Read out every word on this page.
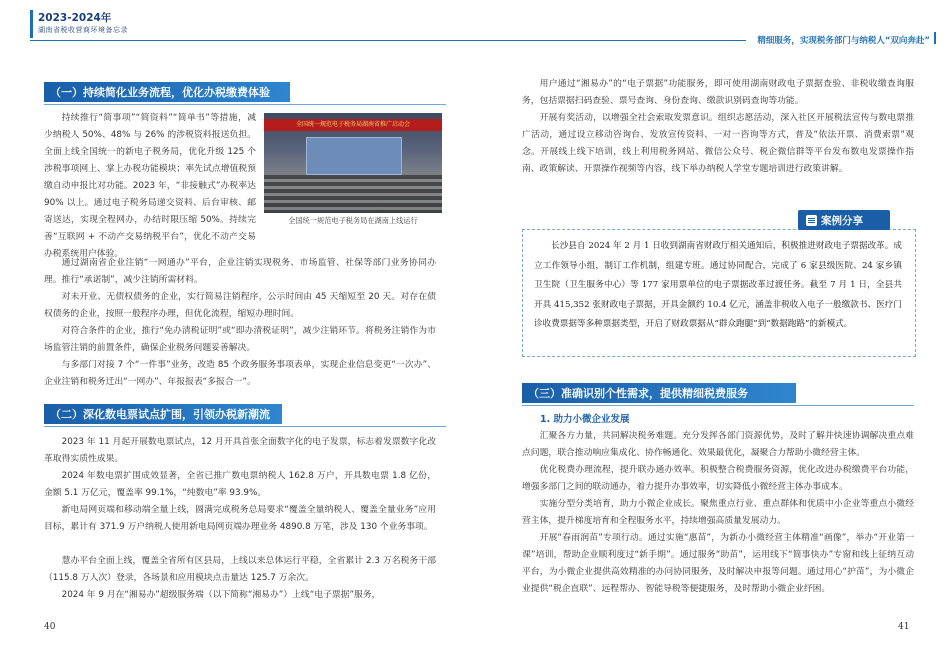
2023-2024年
湖南省税收营商环境备忘录
（一）持续简化业务流程，优化办税缴费体验

持续推行“简事项”“简资料”“简单书”等措施，减少纳税人 50%、48% 与 26% 的涉税资料报送负担。全面上线全国统一的新电子税务局，优化升级 125 个涉税事项网上、掌上办税功能模块；率先试点增值税预缴自动申报比对功能。2023 年，“非接触式”办税率达 90% 以上。通过电子税务局递交资料、后台审核、邮寄送达，实现全程网办，办结时限压缩 50%。持续完善“互联网 + 不动产交易纳税平台”，优化不动产交易办税系统用户体验。

全国统一规范电子税务局湖南省推广启动会
全国统一规范电子税务局在湖南上线运行

通过湖南省企业注销“一网通办”平台，企业注销实现税务、市场监管、社保等部门业务协同办理。推行“承诺制”，减少注销所需材料。

对未开业、无债权债务的企业，实行简易注销程序，公示时间由 45 天缩短至 20 天。对存在债权债务的企业，按照一般程序办理，但优化流程，缩短办理时间。

对符合条件的企业，推行“免办清税证明”或“即办清税证明”，减少注销环节。将税务注销作为市场监管注销的前置条件，确保企业税务问题妥善解决。

与多部门对接 7 个“一件事”业务，改造 85 个政务服务事项表单，实现企业信息变更“一次办”、企业注销和税务迁出“一网办”、年报报表“多报合一”。

（二）深化数电票试点扩围，引领办税新潮流

2023 年 11 月起开展数电票试点，12 月开具首张全面数字化的电子发票，标志着发票数字化改革取得实质性成果。

2024 年数电票扩围成效显著，全省已推广数电票纳税人 162.8 万户，开具数电票 1.8 亿份，金额 5.1 万亿元，覆盖率 99.1%，“纯数电”率 93.9%。

新电局网页端和移动端全量上线，圆满完成税务总局要求“覆盖全量纳税人、覆盖全量业务”应用目标，累计有 371.9 万户纳税人使用新电局网页端办理业务 4890.8 万笔，涉及 130 个业务事项。

慧办平台全面上线，覆盖全省所有区县局，上线以来总体运行平稳，全省累计 2.3 万名税务干部（115.8 万人次）登录，各场景和应用模块点击量达 125.7 万余次。

2024 年 9 月在“湘易办”超级服务端（以下简称“湘易办”）上线“电子票据”服务，

40
精细服务，实现税务部门与纳税人“双向奔赴”

用户通过“湘易办”的“电子票据”功能服务，即可使用湖南财政电子票据查验、非税收缴查询服务，包括票据扫码查验、票号查询、身份查询、缴款识别码查询等功能。

开展有奖活动，以增强全社会索取发票意识。组织志愿活动，深入社区开展税法宣传与数电票推广活动，通过设立移动咨询台、发放宣传资料、一对一咨询等方式，普及“依法开票、消费索票”观念。开展线上线下培训，线上利用税务网站、微信公众号、税企微信群等平台发布数电发票操作指南、政策解读、开票操作视频等内容，线下举办纳税人学堂专题培训进行政策讲解。

案例分享

长沙县自 2024 年 2 月 1 日收到湖南省财政厅相关通知后，积极推进财政电子票据改革。成立工作领导小组，制订工作机制，组建专班。通过协同配合，完成了 6 家县级医院、24 家乡镇卫生院（卫生服务中心）等 177 家用票单位的电子票据改革过渡任务。截至 7 月 1 日，全县共开具 415,352 张财政电子票据，开具金额约 10.4 亿元，涵盖非税收入电子一般缴款书、医疗门诊收费票据等多种票据类型，开启了财政票据从“群众跑腿”到“数据跑路”的新模式。

（三）准确识别个性需求，提供精细税费服务
1. 助力小微企业发展

汇聚各方力量，共同解决税务难题。充分发挥各部门资源优势，及时了解并快速协调解决重点难点问题，联合推动响应集成化、协作畅通化、效果最优化，凝聚合力帮助小微经营主体。

优化税费办理流程，提升联办通办效率。积极整合税费服务资源，优化改进办税缴费平台功能，增强多部门之间的联动通办，着力提升办事效率，切实降低小微经营主体办事成本。

实施分型分类培育，助力小微企业成长。聚焦重点行业、重点群体和优质中小企业等重点小微经营主体，提升梯度培育和全程服务水平，持续增强高质量发展动力。

开展“春雨润苗”专项行动。通过实施“惠苗”，为新办小微经营主体精准“画像”，举办“开业第一课”培训，帮助企业顺利度过“新手期”。通过服务“助苗”，运用线下“简事快办”专窗和线上征纳互动平台，为小微企业提供高效精准的办问协同服务，及时解决申报等问题。通过用心“护苗”，为小微企业提供“税企直联”、远程帮办、智能导税等便捷服务，及时帮助小微企业纾困。

41
